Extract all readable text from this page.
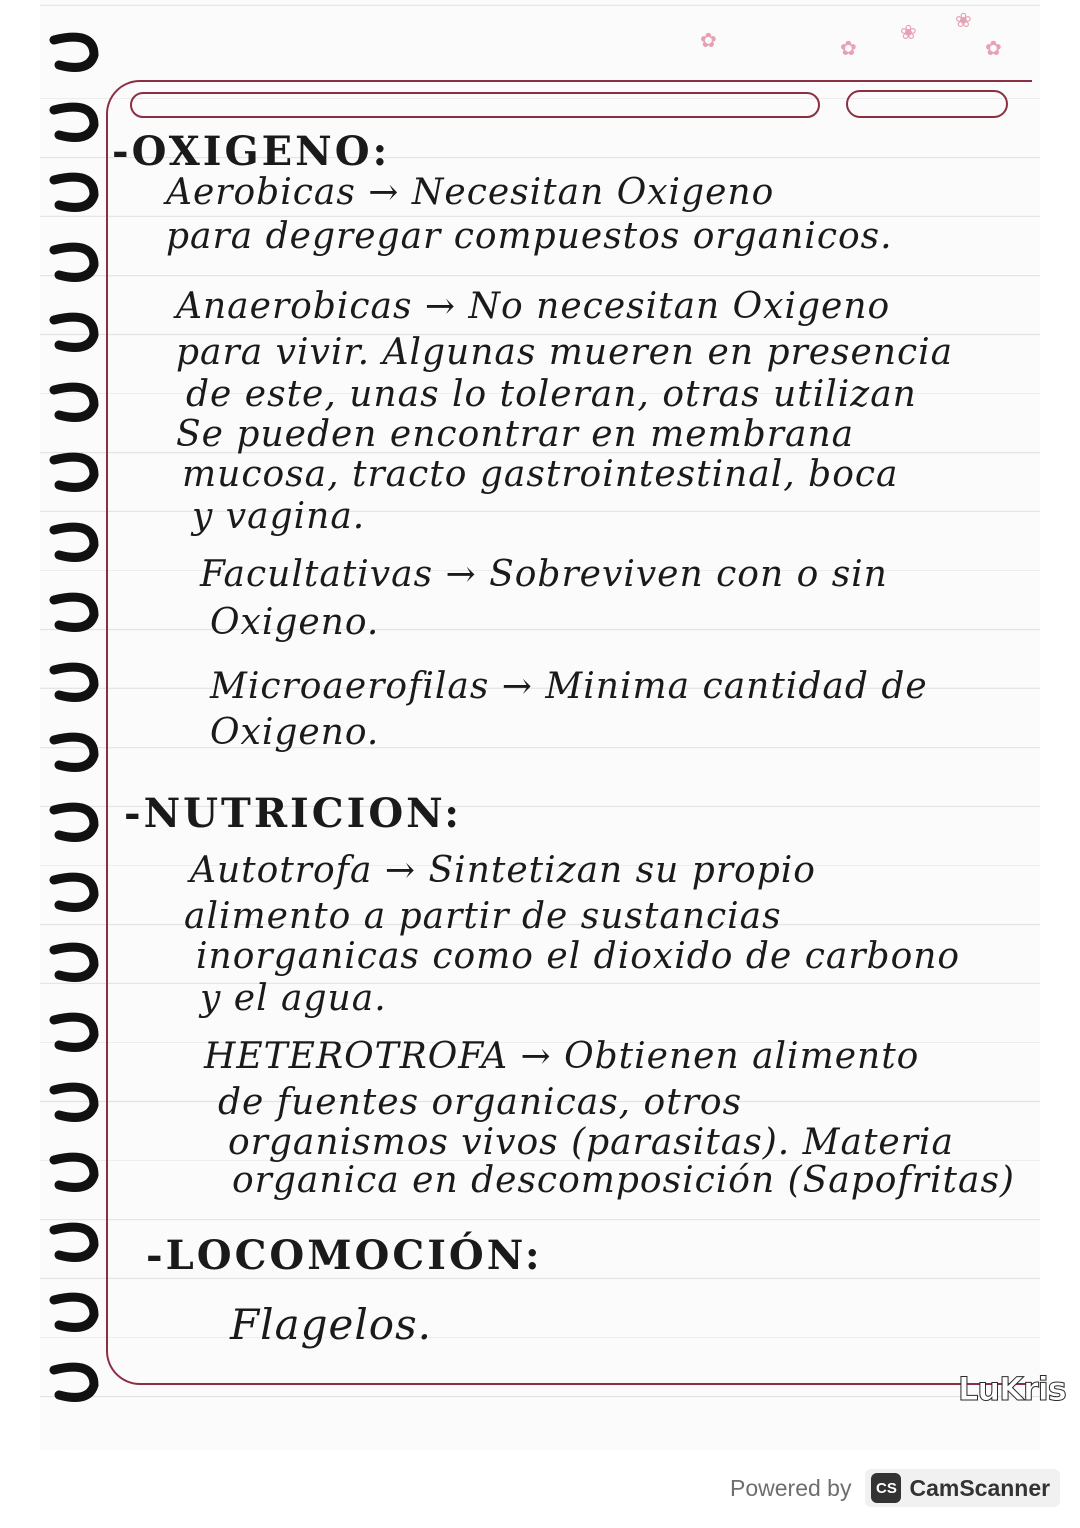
✿	✿
❀ ❀
✿

-OXIGENO:

Aerobicas → Necesitan Oxigeno

para degregar compuestos organicos.

Anaerobicas → No necesitan Oxigeno

para vivir. Algunas mueren en presencia

de este, unas lo toleran, otras utilizan

Se pueden encontrar en membrana

mucosa, tracto gastrointestinal, boca

y vagina.

Facultativas → Sobreviven con o sin

Oxigeno.

Microaerofilas → Minima cantidad de

Oxigeno.

-NUTRICION:

Autotrofa → Sintetizan su propio

alimento a partir de sustancias

inorganicas como el dioxido de carbono

y el agua.

HETEROTROFA → Obtienen alimento

de fuentes organicas, otros

organismos vivos (parasitas). Materia

organica en descomposición (Sapofritas)

-LOCOMOCIÓN:

Flagelos.

LuKris
Powered by	CS CamScanner
